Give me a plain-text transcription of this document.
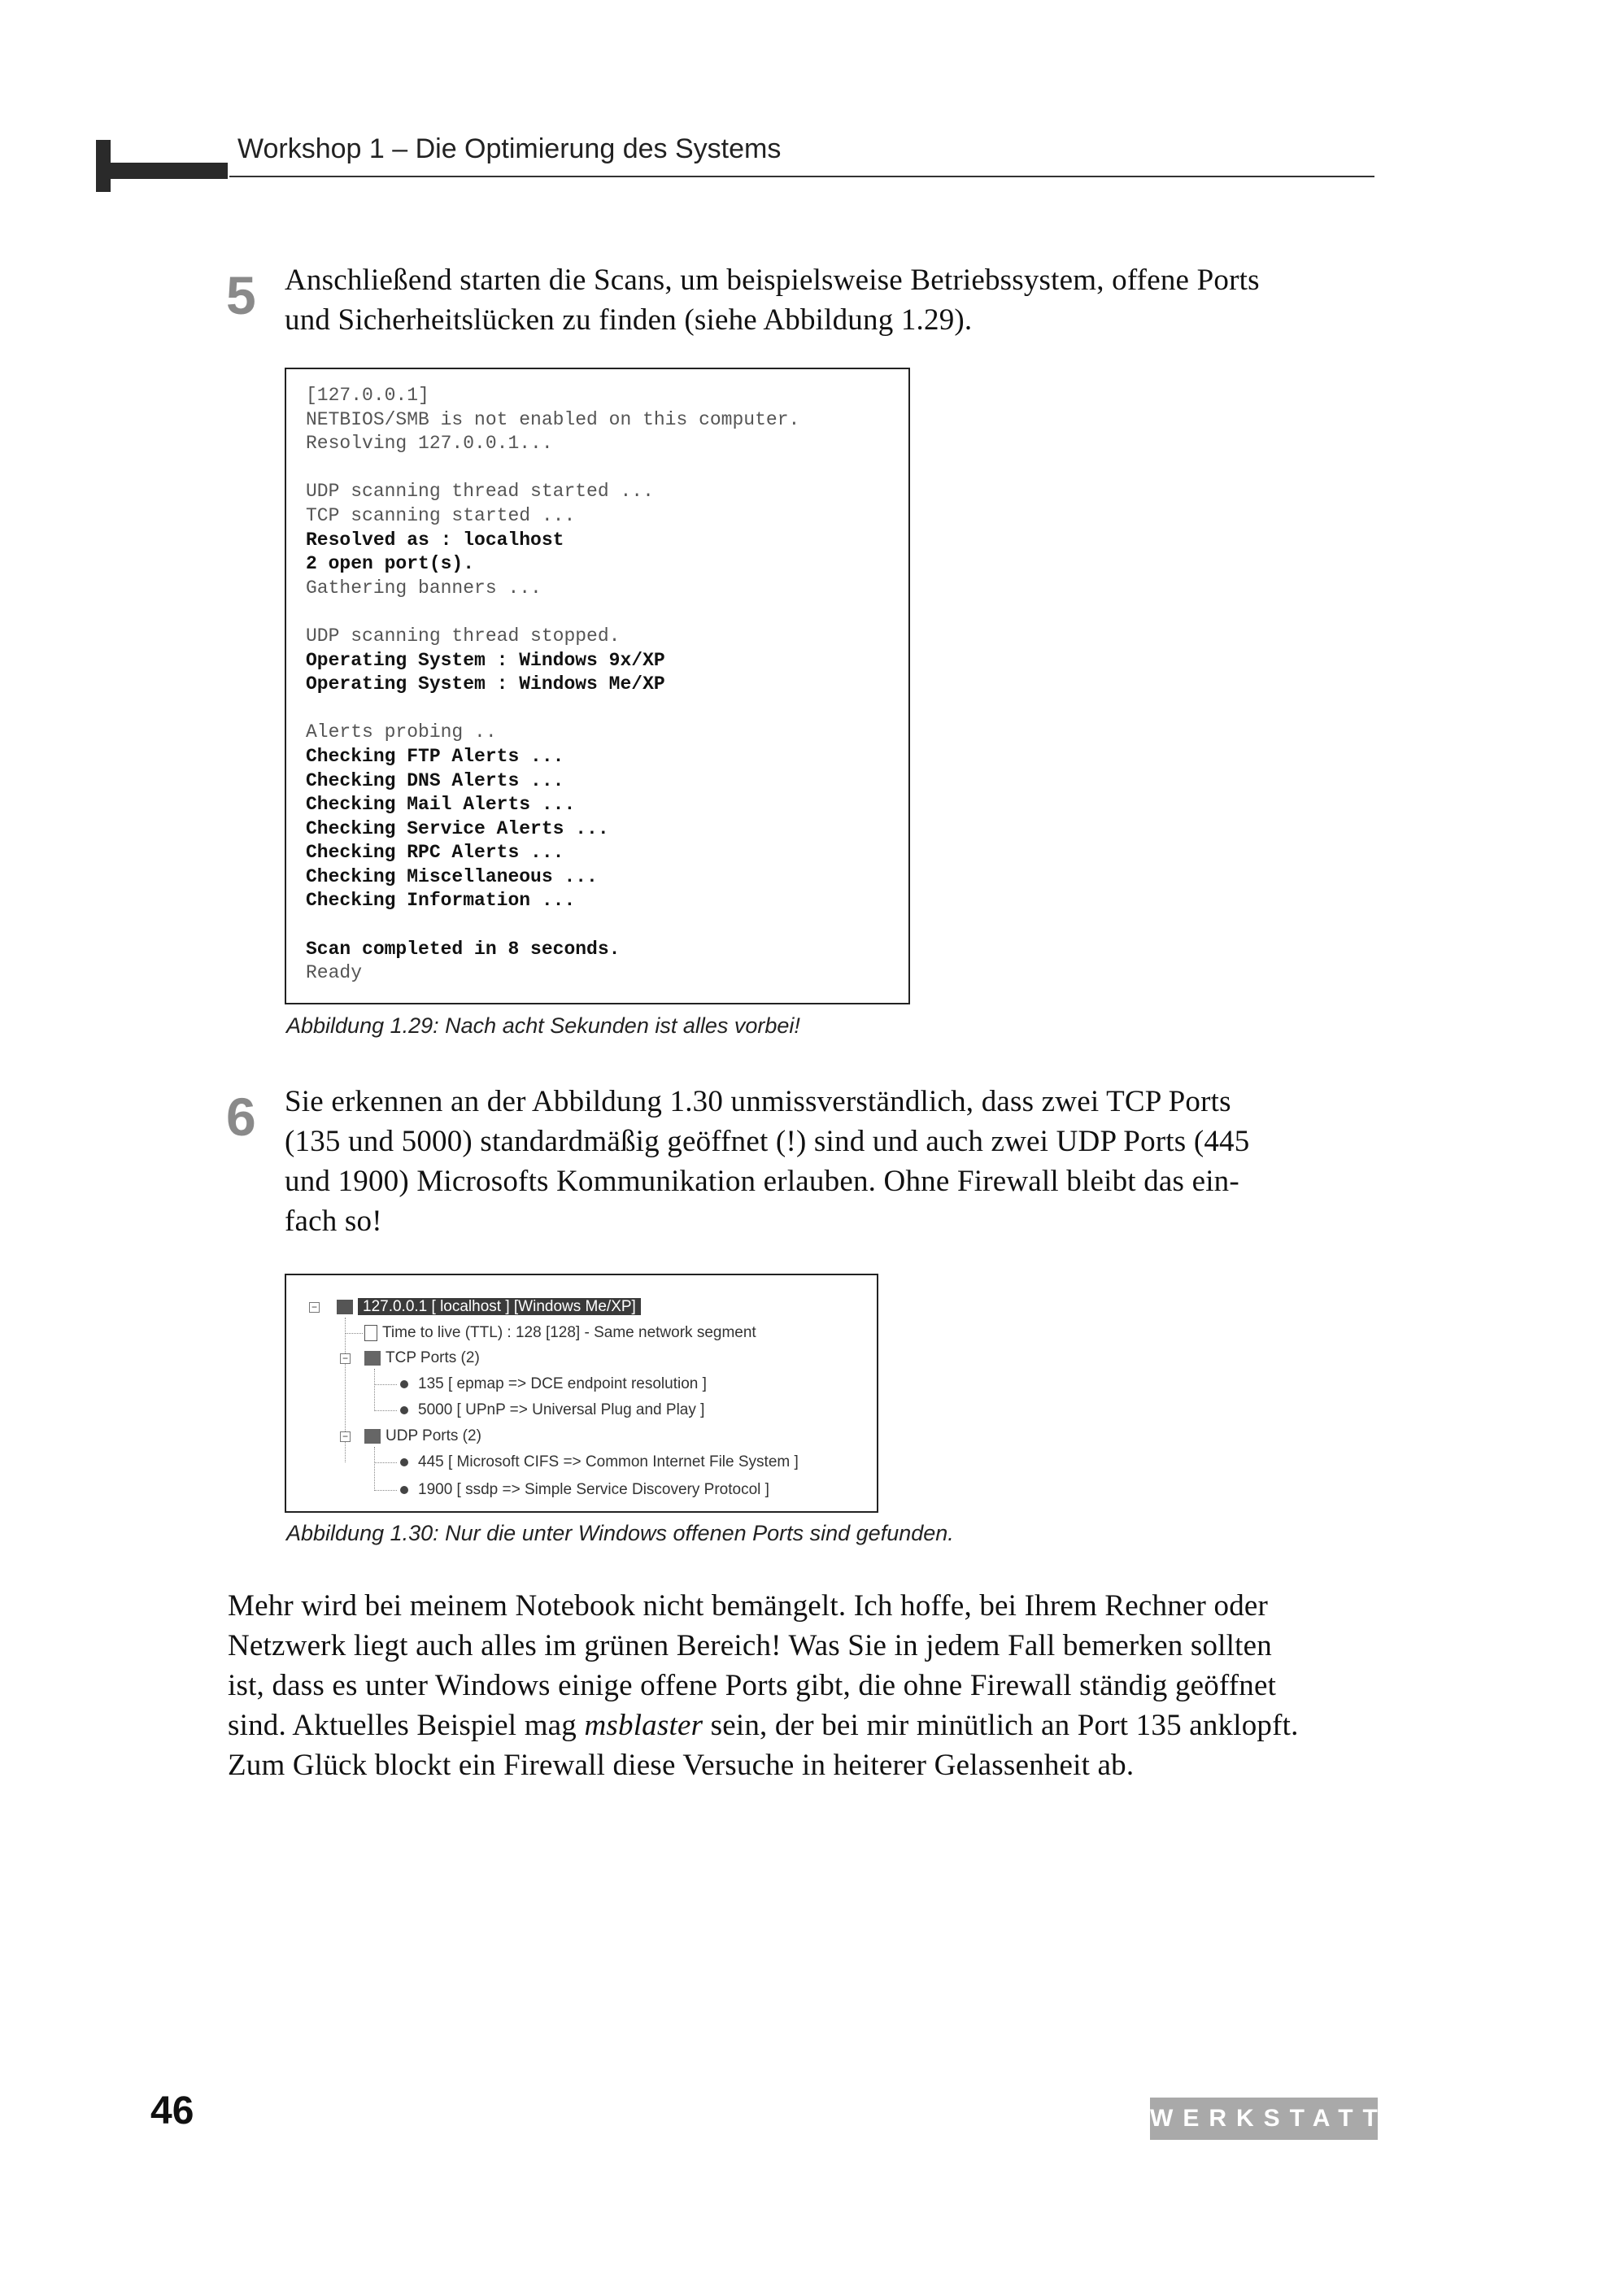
Workshop 1 – Die Optimierung des Systems
5 Anschließend starten die Scans, um beispielsweise Betriebssystem, offene Ports

und Sicherheitslücken zu finden (siehe Abbildung 1.29).

[127.0.0.1]
NETBIOS/SMB is not enabled on this computer.
Resolving 127.0.0.1...
UDP scanning thread started ...
TCP scanning started ...
Resolved as : localhost
2 open port(s).
Gathering banners ...
UDP scanning thread stopped.
Operating System : Windows 9x/XP
Operating System : Windows Me/XP
Alerts probing ..
Checking FTP Alerts ...
Checking DNS Alerts ...
Checking Mail Alerts ...
Checking Service Alerts ...
Checking RPC Alerts ...
Checking Miscellaneous ...
Checking Information ...
Scan completed in 8 seconds.
Ready
Abbildung 1.29: Nach acht Sekunden ist alles vorbei!
6 Sie erkennen an der Abbildung 1.30 unmissverständlich, dass zwei TCP Ports

(135 und 5000) standardmäßig geöffnet (!) sind und auch zwei UDP Ports (445

und 1900) Microsofts Kommunikation erlauben. Ohne Firewall bleibt das ein-

fach so!

−	127.0.0.1 [ localhost ] [Windows Me/XP]
Time to live (TTL) : 128 [128] - Same network segment
−	TCP Ports (2)
135 [ epmap => DCE endpoint resolution ]
5000 [ UPnP => Universal Plug and Play ]
−	UDP Ports (2)
445 [ Microsoft CIFS => Common Internet File System ]
1900 [ ssdp => Simple Service Discovery Protocol ]
Abbildung 1.30: Nur die unter Windows offenen Ports sind gefunden.

Mehr wird bei meinem Notebook nicht bemängelt. Ich hoffe, bei Ihrem Rechner oder

Netzwerk liegt auch alles im grünen Bereich! Was Sie in jedem Fall bemerken sollten

ist, dass es unter Windows einige offene Ports gibt, die ohne Firewall ständig geöffnet

sind. Aktuelles Beispiel mag msblaster sein, der bei mir minütlich an Port 135 anklopft.

Zum Glück blockt ein Firewall diese Versuche in heiterer Gelassenheit ab.

46	WERKSTATT
